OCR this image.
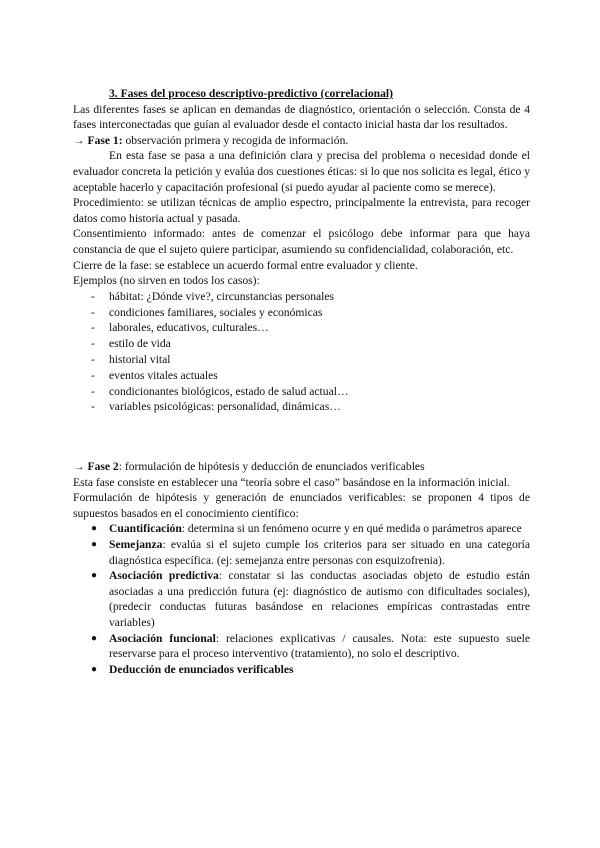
3. Fases del proceso descriptivo-predictivo (correlacional)

Las diferentes fases se aplican en demandas de diagnóstico, orientación o selección. Consta de 4 fases interconectadas que guían al evaluador desde el contacto inicial hasta dar los resultados.

→ Fase 1: observación primera y recogida de información.

En esta fase se pasa a una definición clara y precisa del problema o necesidad donde el evaluador concreta la petición y evalúa dos cuestiones éticas: si lo que nos solicita es legal, ético y aceptable hacerlo y capacitación profesional (si puedo ayudar al paciente como se merece).

Procedimiento: se utilizan técnicas de amplio espectro, principalmente la entrevista, para recoger datos como historia actual y pasada.

Consentimiento informado: antes de comenzar el psicólogo debe informar para que haya constancia de que el sujeto quiere participar, asumiendo su confidencialidad, colaboración, etc.

Cierre de la fase: se establece un acuerdo formal entre evaluador y cliente.

Ejemplos (no sirven en todos los casos):

- hábitat: ¿Dónde vive?, circunstancias personales
- condiciones familiares, sociales y económicas
- laborales, educativos, culturales…
- estilo de vida
- historial vital
- eventos vitales actuales
- condicionantes biológicos, estado de salud actual…
- variables psicológicas: personalidad, dinámicas…

→ Fase 2: formulación de hipótesis y deducción de enunciados verificables

Esta fase consiste en establecer una “teoría sobre el caso” basándose en la información inicial.

Formulación de hipótesis y generación de enunciados verificables: se proponen 4 tipos de supuestos basados en el conocimiento científico:

● Cuantificación: determina si un fenómeno ocurre y en qué medida o parámetros aparece
● Semejanza: evalúa si el sujeto cumple los criterios para ser situado en una categoría diagnóstica específica. (ej: semejanza entre personas con esquizofrenia).
● Asociación predictiva: constatar si las conductas asociadas objeto de estudio están asociadas a una predicción futura (ej: diagnóstico de autismo con dificultades sociales), (predecir conductas futuras basándose en relaciones empíricas contrastadas entre variables)
● Asociación funcional: relaciones explicativas / causales. Nota: este supuesto suele reservarse para el proceso interventivo (tratamiento), no solo el descriptivo.
● Deducción de enunciados verificables
